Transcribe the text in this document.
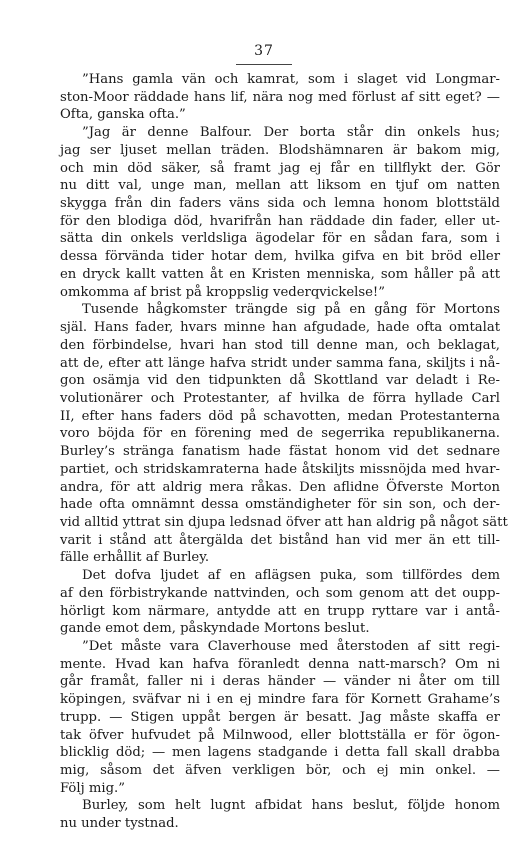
37
”Hans gamla vän och kamrat, som i slaget vid Longmar-
ston-Moor räddade hans lif, nära nog med förlust af sitt eget? —
Ofta, ganska ofta.”
”Jag är denne Balfour. Der borta står din onkels hus;
jag ser ljuset mellan träden. Blodshämnaren är bakom mig,
och min död säker, så framt jag ej får en tillflykt der. Gör
nu ditt val, unge man, mellan att liksom en tjuf om natten
skygga från din faders väns sida och lemna honom blottstäld
för den blodiga död, hvarifrån han räddade din fader, eller ut-
sätta din onkels verldsliga ägodelar för en sådan fara, som i
dessa förvända tider hotar dem, hvilka gifva en bit bröd eller
en dryck kallt vatten åt en Kristen menniska, som håller på att
omkomma af brist på kroppslig vederqvickelse!”
Tusende hågkomster trängde sig på en gång för Mortons
själ. Hans fader, hvars minne han afgudade, hade ofta omtalat
den förbindelse, hvari han stod till denne man, och beklagat,
att de, efter att länge hafva stridt under samma fana, skiljts i nå-
gon osämja vid den tidpunkten då Skottland var deladt i Re-
volutionärer och Protestanter, af hvilka de förra hyllade Carl
II, efter hans faders död på schavotten, medan Protestanterna
voro böjda för en förening med de segerrika republikanerna.
Burley’s stränga fanatism hade fästat honom vid det sednare
partiet, och stridskamraterna hade åtskiljts missnöjda med hvar-
andra, för att aldrig mera råkas. Den aflidne Öfverste Morton
hade ofta omnämnt dessa omständigheter för sin son, och der-
vid alltid yttrat sin djupa ledsnad öfver att han aldrig på något sätt
varit i stånd att återgälda det bistånd han vid mer än ett till-
fälle erhållit af Burley.
Det dofva ljudet af en aflägsen puka, som tillfördes dem
af den förbistrykande nattvinden, och som genom att det oupp-
hörligt kom närmare, antydde att en trupp ryttare var i antå-
gande emot dem, påskyndade Mortons beslut.
”Det måste vara Claverhouse med återstoden af sitt regi-
mente. Hvad kan hafva föranledt denna natt-marsch? Om ni
går framåt, faller ni i deras händer — vänder ni åter om till
köpingen, sväfvar ni i en ej mindre fara för Kornett Grahame’s
trupp. — Stigen uppåt bergen är besatt. Jag måste skaffa er
tak öfver hufvudet på Milnwood, eller blottställa er för ögon-
blicklig död; — men lagens stadgande i detta fall skall drabba
mig, såsom det äfven verkligen bör, och ej min onkel. —
Följ mig.”
Burley, som helt lugnt afbidat hans beslut, följde honom
nu under tystnad.
